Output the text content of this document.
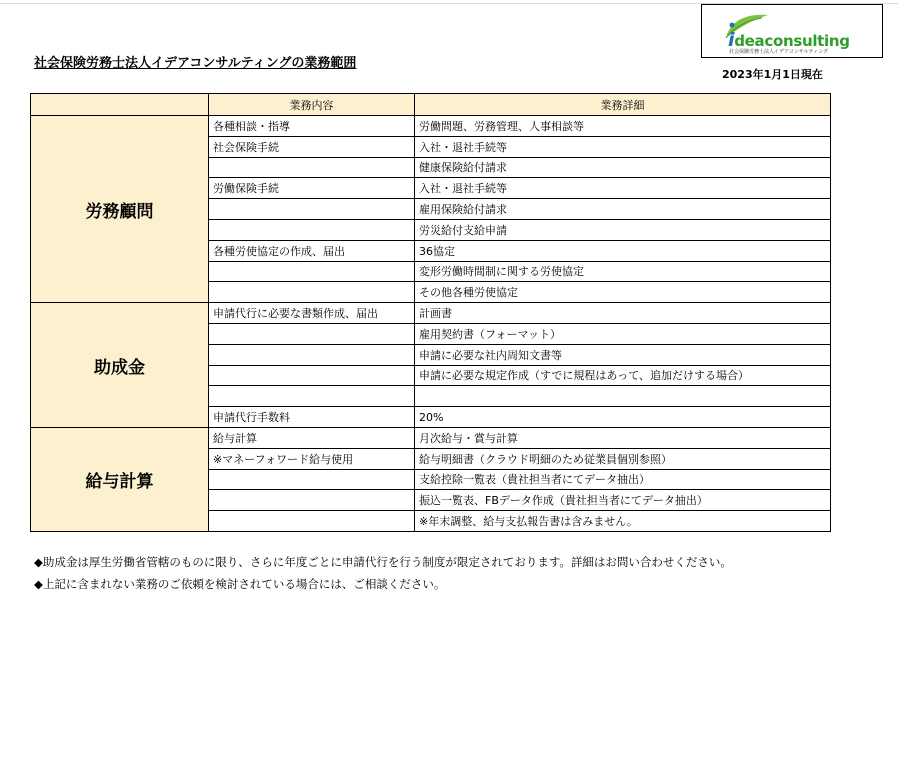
社会保険労務士法人イデアコンサルティングの業務範囲
ideaconsulting
社会保険労務士法人イデアコンサルティング
2023年1月1日現在
	業務内容	業務詳細
労務顧問	各種相談・指導	労働問題、労務管理、人事相談等
	社会保険手続	入社・退社手続等
		健康保険給付請求
	労働保険手続	入社・退社手続等
		雇用保険給付請求
		労災給付支給申請
	各種労使協定の作成、届出	36協定
		変形労働時間制に関する労使協定
		その他各種労使協定
助成金	申請代行に必要な書類作成、届出	計画書
		雇用契約書（フォーマット）
		申請に必要な社内周知文書等
		申請に必要な規定作成（すでに規程はあって、追加だけする場合）

	申請代行手数料	20%
給与計算	給与計算	月次給与・賞与計算
	※マネーフォワード給与使用	給与明細書（クラウド明細のため従業員個別参照）
		支給控除一覧表（貴社担当者にてデータ抽出）
		振込一覧表、FBデータ作成（貴社担当者にてデータ抽出）
		※年末調整、給与支払報告書は含みません。
◆助成金は厚生労働省管轄のものに限り、さらに年度ごとに申請代行を行う制度が限定されております。詳細はお問い合わせください。
◆上記に含まれない業務のご依頼を検討されている場合には、ご相談ください。
